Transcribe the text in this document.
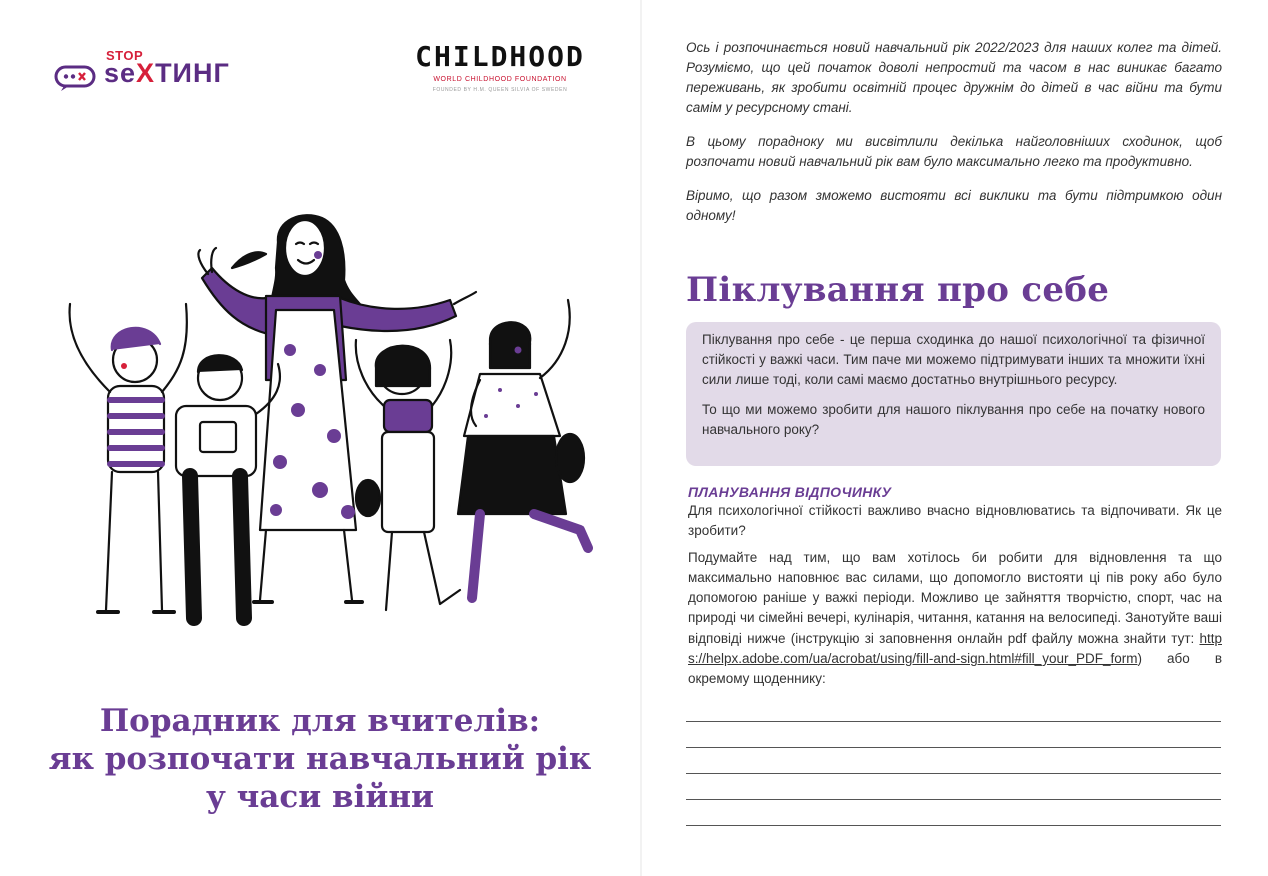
STOP
seXТИНГ	CHILDHOOD
WORLD CHILDHOOD FOUNDATION
FOUNDED BY H.M. QUEEN SILVIA OF SWEDEN
Порадник для вчителів:
як розпочати навчальний рік
у часи війни

Ось і розпочинається новий навчальний рік 2022/2023 для наших колег та дітей. Розуміємо, що цей початок доволі непростий та часом в нас виникає багато переживань, як зробити освітній процес дружнім до дітей в час війни та бути самім у ресурсному стані.

В цьому порадноку ми висвітлили декілька найголовніших сходинок, щоб розпочати новий навчальний рік вам було максимально легко та продуктивно.

Віримо, що разом зможемо вистояти всі виклики та бути підтримкою один одному!

Піклування про себе

Піклування про себе - це перша сходинка до нашої психологічної та фізичної стійкості у важкі часи. Тим паче ми можемо підтримувати інших та множити їхні сили лише тоді, коли самі маємо достатньо внутрішнього ресурсу.

То що ми можемо зробити для нашого піклування про себе на початку нового навчального року?

ПЛАНУВАННЯ ВІДПОЧИНКУ

Для психологічної стійкості важливо вчасно відновлюватись та відпочивати. Як це зробити?

Подумайте над тим, що вам хотілось би робити для відновлення та що максимально наповнює вас силами, що допомогло вистояти ці пів року або було допомогою раніше у важкі періоди. Можливо це зайняття творчістю, спорт, час на природі чи сімейні вечері, кулінарія, читання, катання на велосипеді. Занотуйте ваші відповіді нижче (інструкцію зі заповнення онлайн pdf файлу можна знайти тут: https://helpx.adobe.com/ua/acrobat/using/fill-and-sign.html#fill_your_PDF_form) або в окремому щоденнику:
